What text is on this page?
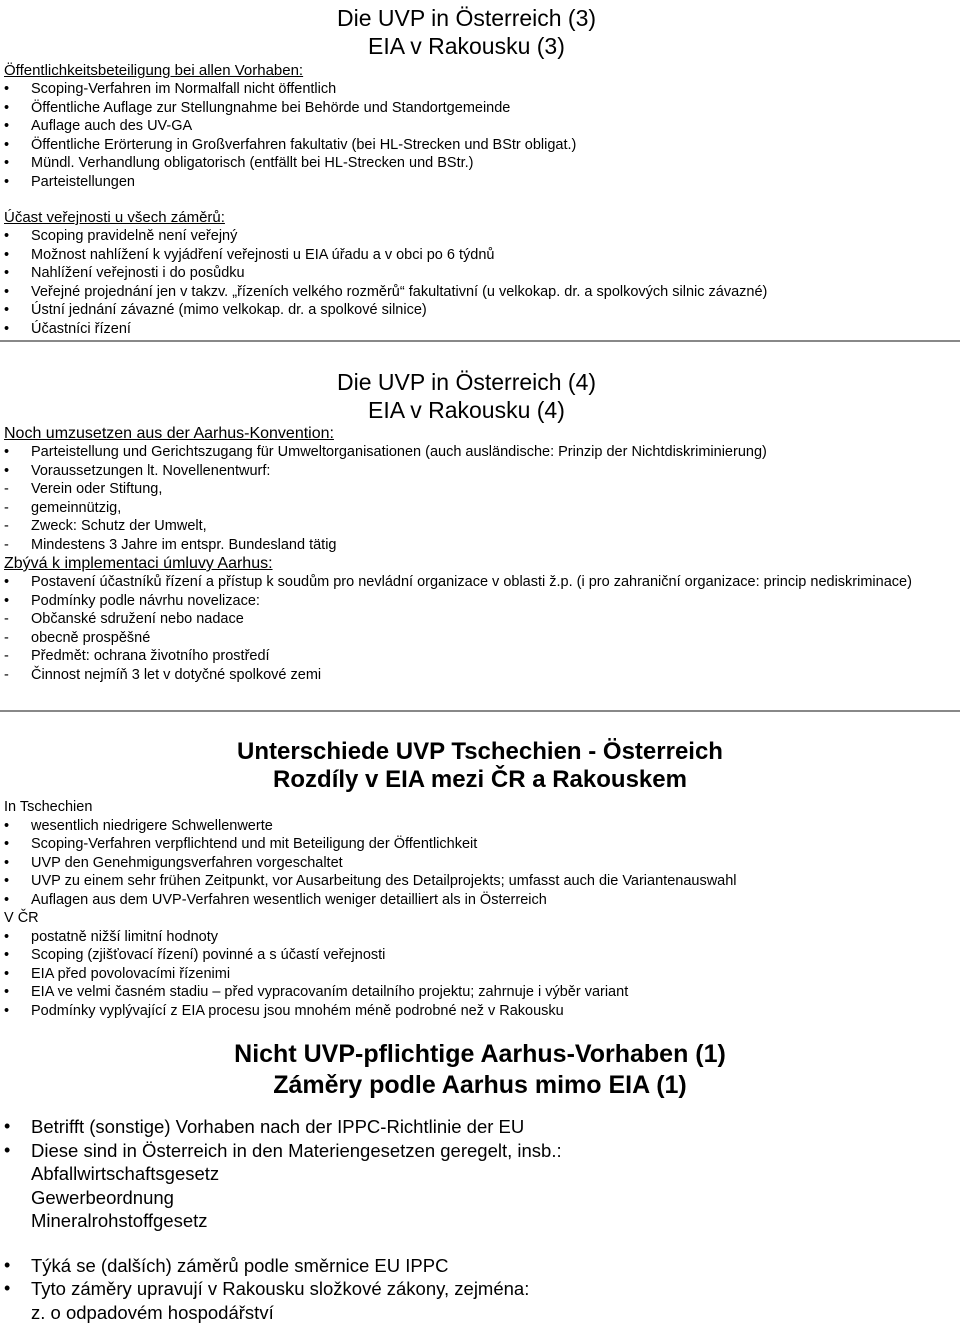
Die UVP in Österreich (3)
EIA v Rakousku (3)
Öffentlichkeitsbeteiligung bei allen Vorhaben:
•	Scoping-Verfahren im Normalfall nicht öffentlich
•	Öffentliche Auflage zur Stellungnahme bei Behörde und Standortgemeinde
•	Auflage auch des UV-GA
•	Öffentliche Erörterung in Großverfahren fakultativ (bei HL-Strecken und BStr obligat.)
•	Mündl. Verhandlung obligatorisch (entfällt bei HL-Strecken und BStr.)
•	Parteistellungen
Účast veřejnosti u všech záměrů:
•	Scoping pravidelně není veřejný
•	Možnost nahlížení k vyjádření veřejnosti u EIA úřadu a v obci po 6 týdnů
•	Nahlížení veřejnosti i do posůdku
•	Veřejné projednání jen v takzv. „řízeních velkého rozměrů“ fakultativní (u velkokap. dr. a spolkových silnic závazné)
•	Ústní jednání závazné (mimo velkokap. dr. a spolkové silnice)
•	Účastníci řízení
Die UVP in Österreich (4)
EIA v Rakousku (4)
Noch umzusetzen aus der Aarhus-Konvention:
•	Parteistellung und Gerichtszugang für Umweltorganisationen (auch ausländische: Prinzip der Nichtdiskriminierung)
•	Voraussetzungen lt. Novellenentwurf:
-	Verein oder Stiftung,
-	gemeinnützig,
-	Zweck: Schutz der Umwelt,
-	Mindestens 3 Jahre im entspr. Bundesland tätig
Zbývá k implementaci úmluvy Aarhus:
•	Postavení účastníků řízení a přístup k soudům pro nevládní organizace v oblasti ž.p. (i pro zahraniční organizace: princip nediskriminace)
•	Podmínky podle návrhu novelizace:
-	Občanské sdružení nebo nadace
-	obecně prospěšné
-	Předmět: ochrana životního prostředí
-	Činnost nejmíň 3 let v dotyčné spolkové zemi
Unterschiede UVP Tschechien - Österreich
Rozdíly v EIA mezi ČR a Rakouskem
In Tschechien
•	wesentlich niedrigere Schwellenwerte
•	Scoping-Verfahren verpflichtend und mit Beteiligung der Öffentlichkeit
•	UVP den Genehmigungsverfahren vorgeschaltet
•	UVP zu einem sehr frühen Zeitpunkt, vor Ausarbeitung des Detailprojekts; umfasst auch die Variantenauswahl
•	Auflagen aus dem UVP-Verfahren wesentlich weniger detailliert als in Österreich
V ČR
•	postatně nižší limitní hodnoty
•	Scoping (zjišťovací řízení) povinné a s účastí veřejnosti
•	EIA před povolovacími řízenimi
•	EIA ve velmi časném stadiu – před vypracovaním detailního projektu; zahrnuje i výběr variant
•	Podmínky vyplývající z EIA procesu jsou mnohém méně podrobné než v Rakousku
Nicht UVP-pflichtige Aarhus-Vorhaben (1)
Záměry podle Aarhus mimo EIA (1)
•	Betrifft (sonstige) Vorhaben nach der IPPC-Richtlinie der EU
•	Diese sind in Österreich in den Materiengesetzen geregelt, insb.:
Abfallwirtschaftsgesetz
Gewerbeordnung
Mineralrohstoffgesetz
•	Týká se (dalších) záměrů podle směrnice EU IPPC
•	Tyto záměry upravují v Rakousku složkové zákony, zejména:
z. o odpadovém hospodářství
